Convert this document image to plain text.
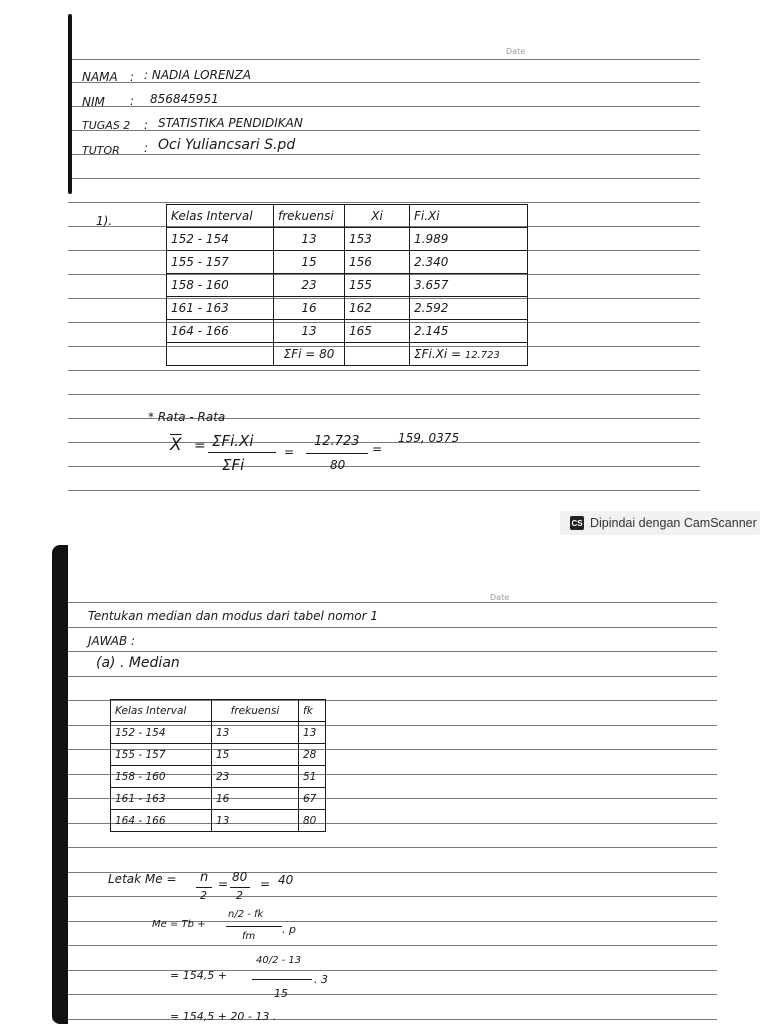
Date
NAMA : : NADIA LORENZA
NIM : 856845951
TUGAS 2 : STATISTIKA PENDIDIKAN
TUTOR : Oci Yuliancsari S.pd
1).	Kelas Interval	frekuensi	Xi	Fi.Xi
152 - 154	13	153	1.989
155 - 157	15	156	2.340
158 - 160	23	155	3.657
161 - 163	16	162	2.592
164 - 166	13	165	2.145
	ΣFi = 80		ΣFi.Xi = 12.723
* Rata - Rata
$\overline{X} = \Sigma Fi.Xi$
ΣFi
=
12.723
80
=
159, 0375
CS Dipindai dengan CamScanner
Date
Tentukan median dan modus dari tabel nomor 1
JAWAB :
(a) . Median
Kelas Interval	frekuensi	fk
152 - 154	13	13
155 - 157	15	28
158 - 160	23	51
161 - 163	16	67
164 - 166	13	80
Letak Me = n
2
= 80
2
= 40
Me = Tb +
n/2 - fk
fm
. p
= 154,5 +
40/2 - 13
15
. 3
= 154,5 + 20 - 13 .
